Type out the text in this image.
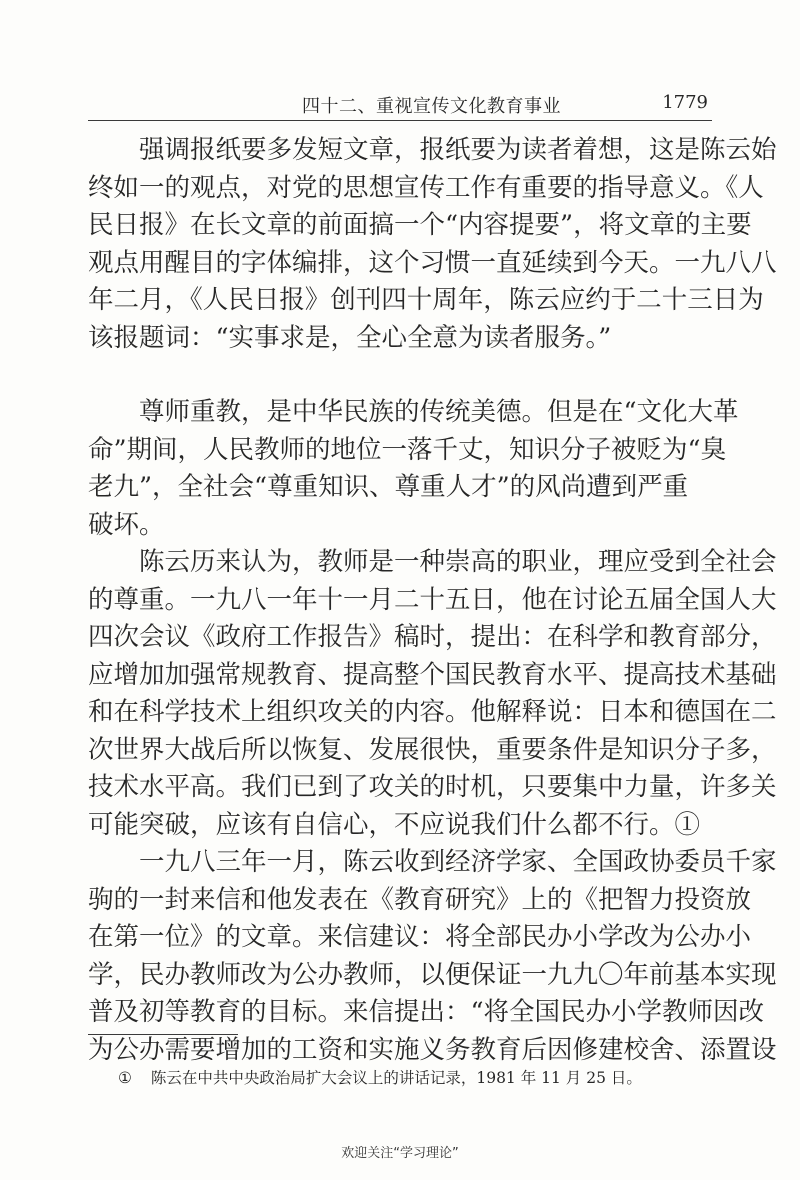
四十二、重视宣传文化教育事业	1779

　　强调报纸要多发短文章，报纸要为读者着想，这是陈云始

终如一的观点，对党的思想宣传工作有重要的指导意义。《人

民日报》在长文章的前面搞一个“内容提要”，将文章的主要

观点用醒目的字体编排，这个习惯一直延续到今天。一九八八

年二月，《人民日报》创刊四十周年，陈云应约于二十三日为

该报题词：“实事求是，全心全意为读者服务。”

　　尊师重教，是中华民族的传统美德。但是在“文化大革

命”期间，人民教师的地位一落千丈，知识分子被贬为“臭

老九”，全社会“尊重知识、尊重人才”的风尚遭到严重

破坏。

　　陈云历来认为，教师是一种崇高的职业，理应受到全社会

的尊重。一九八一年十一月二十五日，他在讨论五届全国人大

四次会议《政府工作报告》稿时，提出：在科学和教育部分，

应增加加强常规教育、提高整个国民教育水平、提高技术基础

和在科学技术上组织攻关的内容。他解释说：日本和德国在二

次世界大战后所以恢复、发展很快，重要条件是知识分子多，

技术水平高。我们已到了攻关的时机，只要集中力量，许多关

可能突破，应该有自信心，不应说我们什么都不行。①

　　一九八三年一月，陈云收到经济学家、全国政协委员千家

驹的一封来信和他发表在《教育研究》上的《把智力投资放

在第一位》的文章。来信建议：将全部民办小学改为公办小

学，民办教师改为公办教师，以便保证一九九〇年前基本实现

普及初等教育的目标。来信提出：“将全国民办小学教师因改

为公办需要增加的工资和实施义务教育后因修建校舍、添置设

① 陈云在中共中央政治局扩大会议上的讲话记录，1981 年 11 月 25 日。
欢迎关注“学习理论”
